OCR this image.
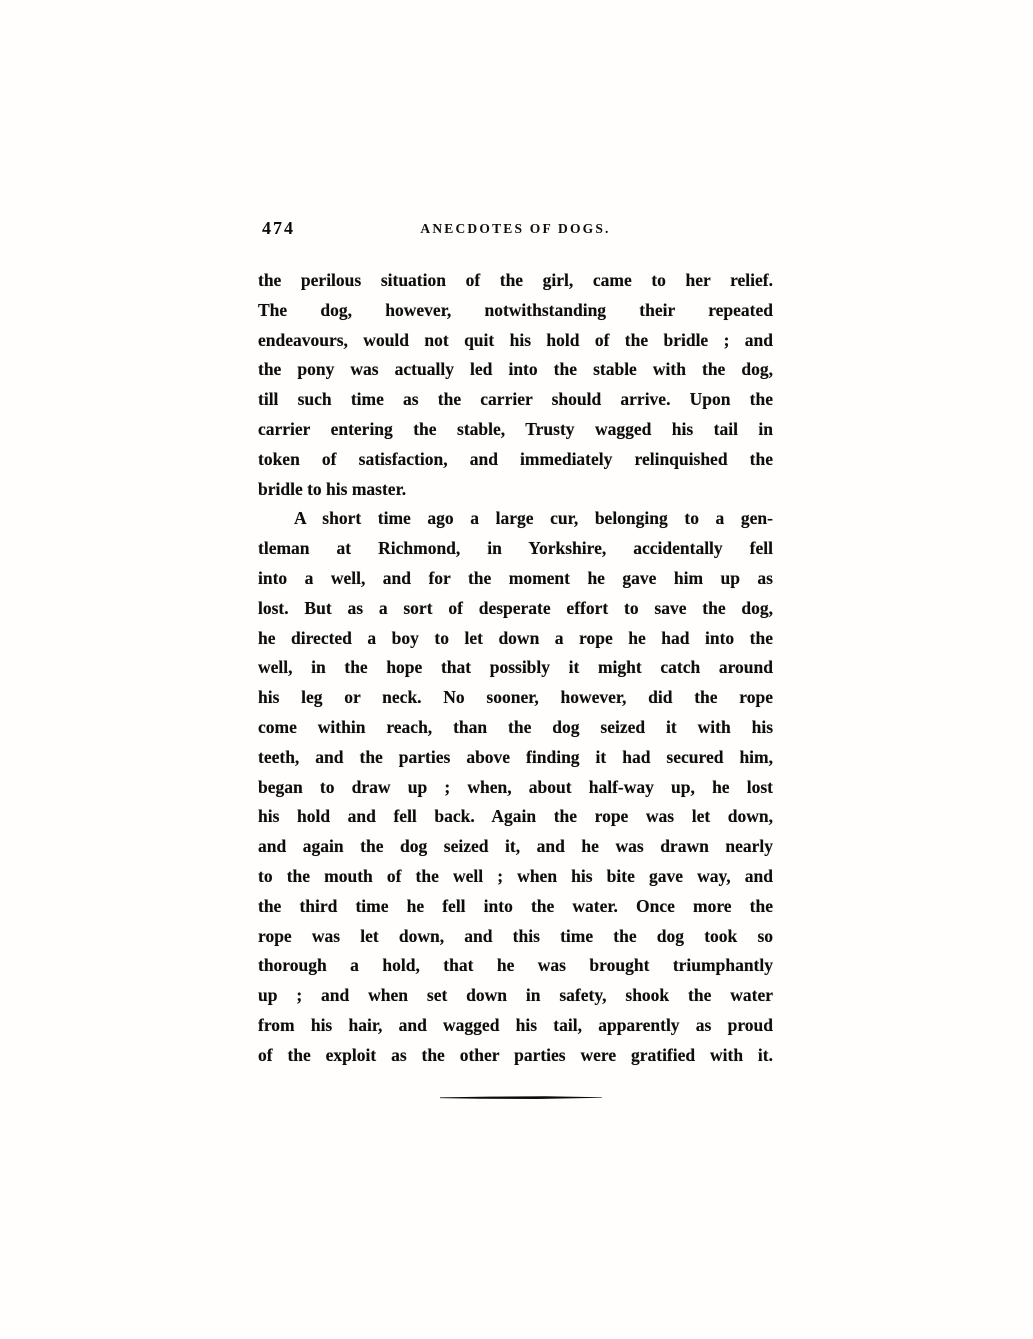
474	ANECDOTES OF DOGS.
the perilous situation of the girl, came to her relief.
The dog, however, notwithstanding their repeated
endeavours, would not quit his hold of the bridle ; and
the pony was actually led into the stable with the dog,
till such time as the carrier should arrive. Upon the
carrier entering the stable, Trusty wagged his tail in
token of satisfaction, and immediately relinquished the
bridle to his master.
A short time ago a large cur, belonging to a gen-
tleman at Richmond, in Yorkshire, accidentally fell
into a well, and for the moment he gave him up as
lost. But as a sort of desperate effort to save the dog,
he directed a boy to let down a rope he had into the
well, in the hope that possibly it might catch around
his leg or neck. No sooner, however, did the rope
come within reach, than the dog seized it with his
teeth, and the parties above finding it had secured him,
began to draw up ; when, about half-way up, he lost
his hold and fell back. Again the rope was let down,
and again the dog seized it, and he was drawn nearly
to the mouth of the well ; when his bite gave way, and
the third time he fell into the water. Once more the
rope was let down, and this time the dog took so
thorough a hold, that he was brought triumphantly
up ; and when set down in safety, shook the water
from his hair, and wagged his tail, apparently as proud
of the exploit as the other parties were gratified with it.
